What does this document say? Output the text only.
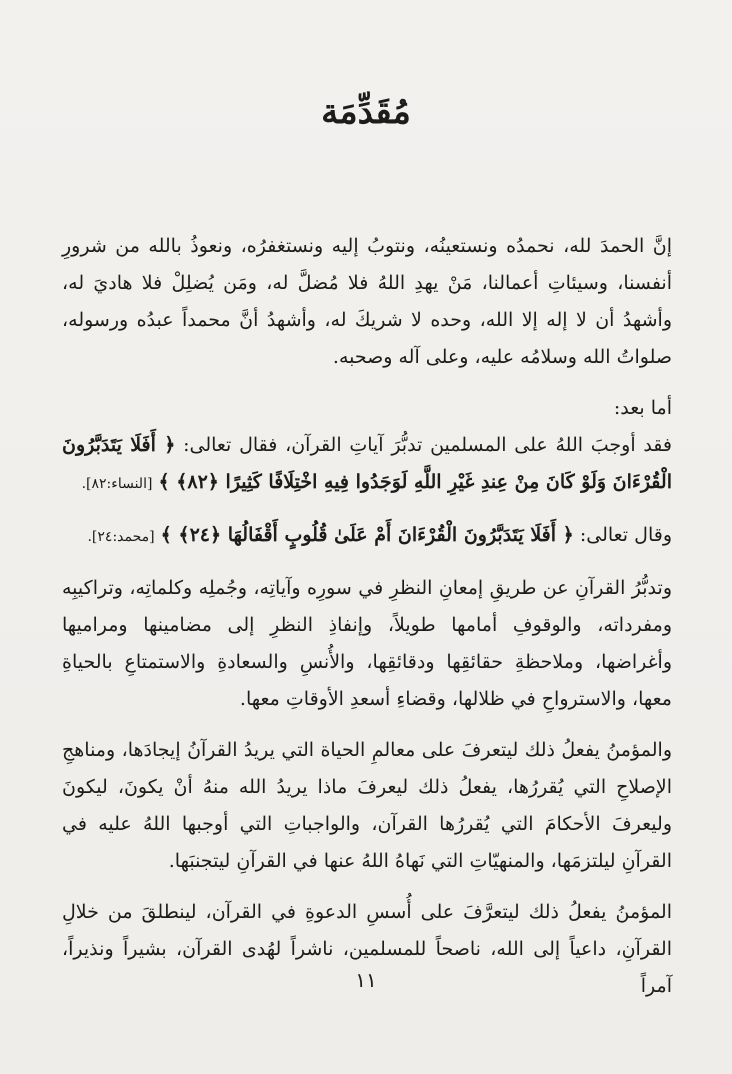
مُقَدِّمَة

إنَّ الحمدَ لله، نحمدُه ونستعينُه، ونتوبُ إليه ونستغفرُه، ونعوذُ بالله من شرورِ أنفسنا، وسيئاتِ أعمالنا، مَنْ يهدِ اللهُ فلا مُضلَّ له، ومَن يُضلِلْ فلا هاديَ له، وأشهدُ أن لا إله إلا الله، وحده لا شريكَ له، وأشهدُ أنَّ محمداً عبدُه ورسوله، صلواتُ الله وسلامُه عليه، وعلى آله وصحبه.

أما بعد:

فقد أوجبَ اللهُ على المسلمين تدبُّرَ آياتِ القرآن، فقال تعالى: ﴿ أَفَلَا يَتَدَبَّرُونَ الْقُرْءَانَ وَلَوْ كَانَ مِنْ عِندِ غَيْرِ اللَّهِ لَوَجَدُوا فِيهِ اخْتِلَافًا كَثِيرًا ﴿٨٢﴾ ﴾ [النساء:٨٢].

وقال تعالى: ﴿ أَفَلَا يَتَدَبَّرُونَ الْقُرْءَانَ أَمْ عَلَىٰ قُلُوبٍ أَقْفَالُهَا ﴿٢٤﴾ ﴾ [محمد:٢٤].

وتدبُّرُ القرآنِ عن طريقِ إمعانِ النظرِ في سورِه وآياتِه، وجُملِه وكلماتِه، وتراكيبِه ومفرداته، والوقوفِ أمامها طويلاً، وإنفاذِ النظرِ إلى مضامينها ومراميها وأغراضها، وملاحظةِ حقائقِها ودقائقِها، والأُنسِ والسعادةِ والاستمتاعِ بالحياةِ معها، والاسترواحِ في ظلالها، وقضاءِ أسعدِ الأوقاتِ معها.

والمؤمنُ يفعلُ ذلك ليتعرفَ على معالمِ الحياة التي يريدُ القرآنُ إيجادَها، ومناهجِ الإصلاحِ التي يُقررُها، يفعلُ ذلك ليعرفَ ماذا يريدُ الله منهُ أنْ يكونَ، ليكونَ وليعرفَ الأحكامَ التي يُقررُها القرآن، والواجباتِ التي أوجبها اللهُ عليه في القرآنِ ليلتزمَها، والمنهيّاتِ التي نَهاهُ اللهُ عنها في القرآنِ ليتجنبَها.

المؤمنُ يفعلُ ذلك ليتعرَّفَ على أُسسِ الدعوةِ في القرآن، لينطلقَ من خلالِ القرآنِ، داعياً إلى الله، ناصحاً للمسلمين، ناشراً لهُدى القرآن، بشيراً ونذيراً، آمراً

١١
